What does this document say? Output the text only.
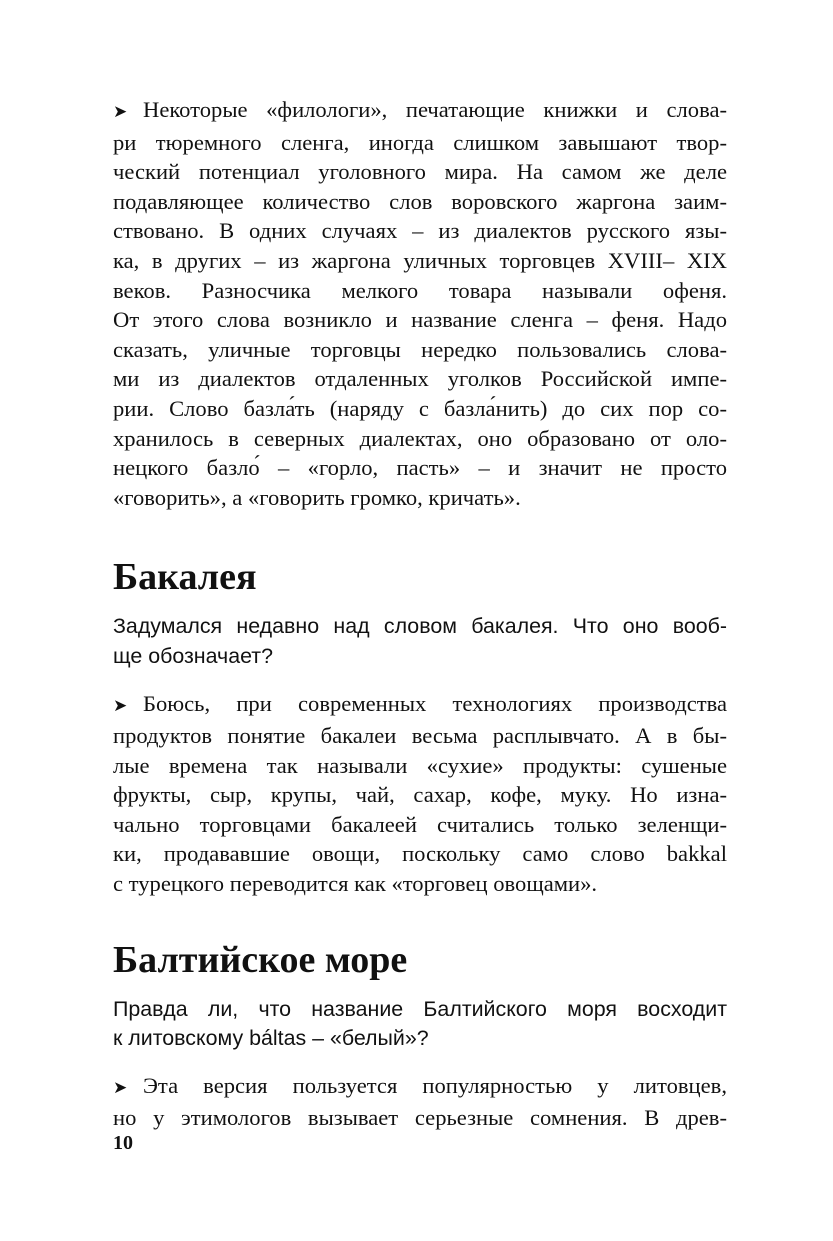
➤ Некоторые «филологи», печатающие книжки и слова-
ри тюремного сленга, иногда слишком завышают твор-
ческий потенциал уголовного мира. На самом же деле
подавляющее количество слов воровского жаргона заим-
ствовано. В одних случаях – из диалектов русского язы-
ка, в других – из жаргона уличных торговцев XVIII– XIX
веков. Разносчика мелкого товара называли офеня.
От этого слова возникло и название сленга – феня. Надо
сказать, уличные торговцы нередко пользовались слова-
ми из диалектов отдаленных уголков Российской импе-
рии. Слово базла́ть (наряду с базла́нить) до сих пор со-
хранилось в северных диалектах, оно образовано от оло-
нецкого базло́ – «горло, пасть» – и значит не просто
«говорить», а «говорить громко, кричать».
Бакалея
Задумался недавно над словом бакалея. Что оно вооб-
ще обозначает?
➤ Боюсь, при современных технологиях производства
продуктов понятие бакалеи весьма расплывчато. А в бы-
лые времена так называли «сухие» продукты: сушеные
фрукты, сыр, крупы, чай, сахар, кофе, муку. Но изна-
чально торговцами бакалеей считались только зеленщи-
ки, продававшие овощи, поскольку само слово bakkal
с турецкого переводится как «торговец овощами».
Балтийское море
Правда ли, что название Балтийского моря восходит
к литовскому báltas – «белый»?
➤ Эта версия пользуется популярностью у литовцев,
но у этимологов вызывает серьезные сомнения. В древ-
10
